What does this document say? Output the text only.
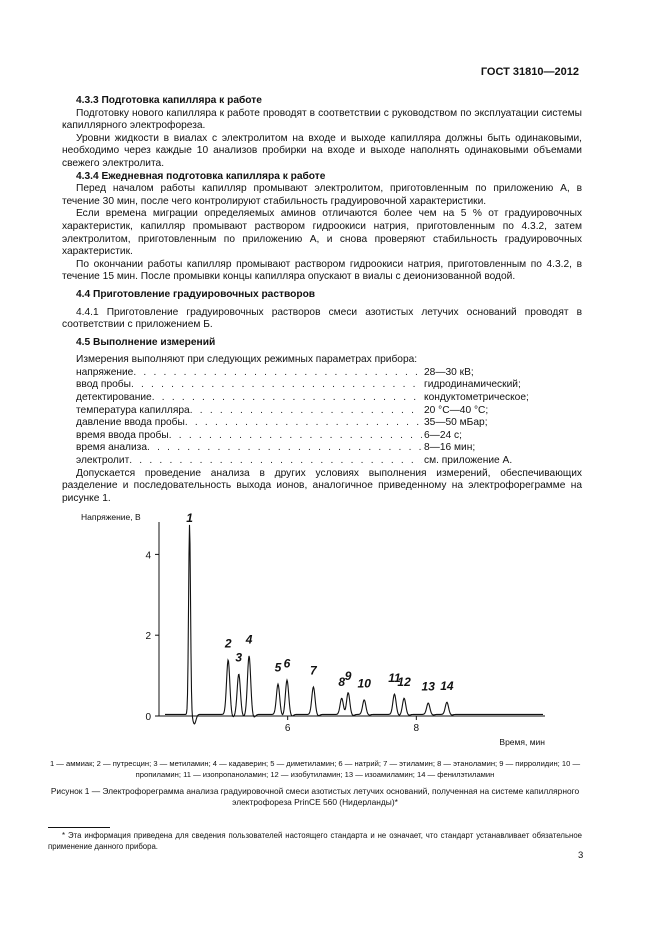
ГОСТ 31810—2012

4.3.3 Подготовка капилляра к работе

Подготовку нового капилляра к работе проводят в соответствии с руководством по эксплуатации системы капиллярного электрофореза.

Уровни жидкости в виалах с электролитом на входе и выходе капилляра должны быть одинаковыми, необходимо через каждые 10 анализов пробирки на входе и выходе наполнять одинаковыми объемами свежего электролита.

4.3.4 Ежедневная подготовка капилляра к работе

Перед началом работы капилляр промывают электролитом, приготовленным по приложению А, в течение 30 мин, после чего контролируют стабильность градуировочной характеристики.

Если времена миграции определяемых аминов отличаются более чем на 5 % от градуировочных характеристик, капилляр промывают раствором гидроокиси натрия, приготовленным по 4.3.2, затем электролитом, приготовленным по приложению А, и снова проверяют стабильность градуировочных характеристик.

По окончании работы капилляр промывают раствором гидроокиси натрия, приготовленным по 4.3.2, в течение 15 мин. После промывки концы капилляра опускают в виалы с деионизованной водой.

4.4 Приготовление градуировочных растворов

4.4.1 Приготовление градуировочных растворов смеси азотистых летучих оснований проводят в соответствии с приложением Б.

4.5 Выполнение измерений

Измерения выполняют при следующих режимных параметрах прибора:

напряжение . . .	28—30 кВ;

ввод пробы . . .	гидродинамический;

детектирование . . .	кондуктометрическое;

температура капилляра . . .	20 °С—40 °С;

давление ввода пробы . . .	35—50 мБар;

время ввода пробы . . .	6—24 с;

время анализа . . .	8—16 мин;

электролит . . .	см. приложение А.

Допускается проведение анализа в других условиях выполнения измерений, обеспечивающих разделение и последовательность выхода ионов, аналогичное приведенному на электрофореграмме на рисунке 1.

0
2
4
6	8
Напряжение, В
Время, мин
1
2
3
4
5 6 7
8 9
10 11
12 13 14
1 — аммиак; 2 — путресцин; 3 — метиламин; 4 — кадаверин; 5 — диметиламин; 6 — натрий; 7 — этиламин; 8 — этаноламин; 9 — пирролидин; 10 — пропиламин; 11 — изопропаноламин; 12 — изобутиламин; 13 — изоамиламин; 14 — фенилэтиламин
Рисунок 1 — Электрофореграмма анализа градуировочной смеси азотистых летучих оснований, полученная на системе капиллярного электрофореза PrinCE 560 (Нидерланды)*
* Эта информация приведена для сведения пользователей настоящего стандарта и не означает, что стандарт устанавливает обязательное применение данного прибора.
3
